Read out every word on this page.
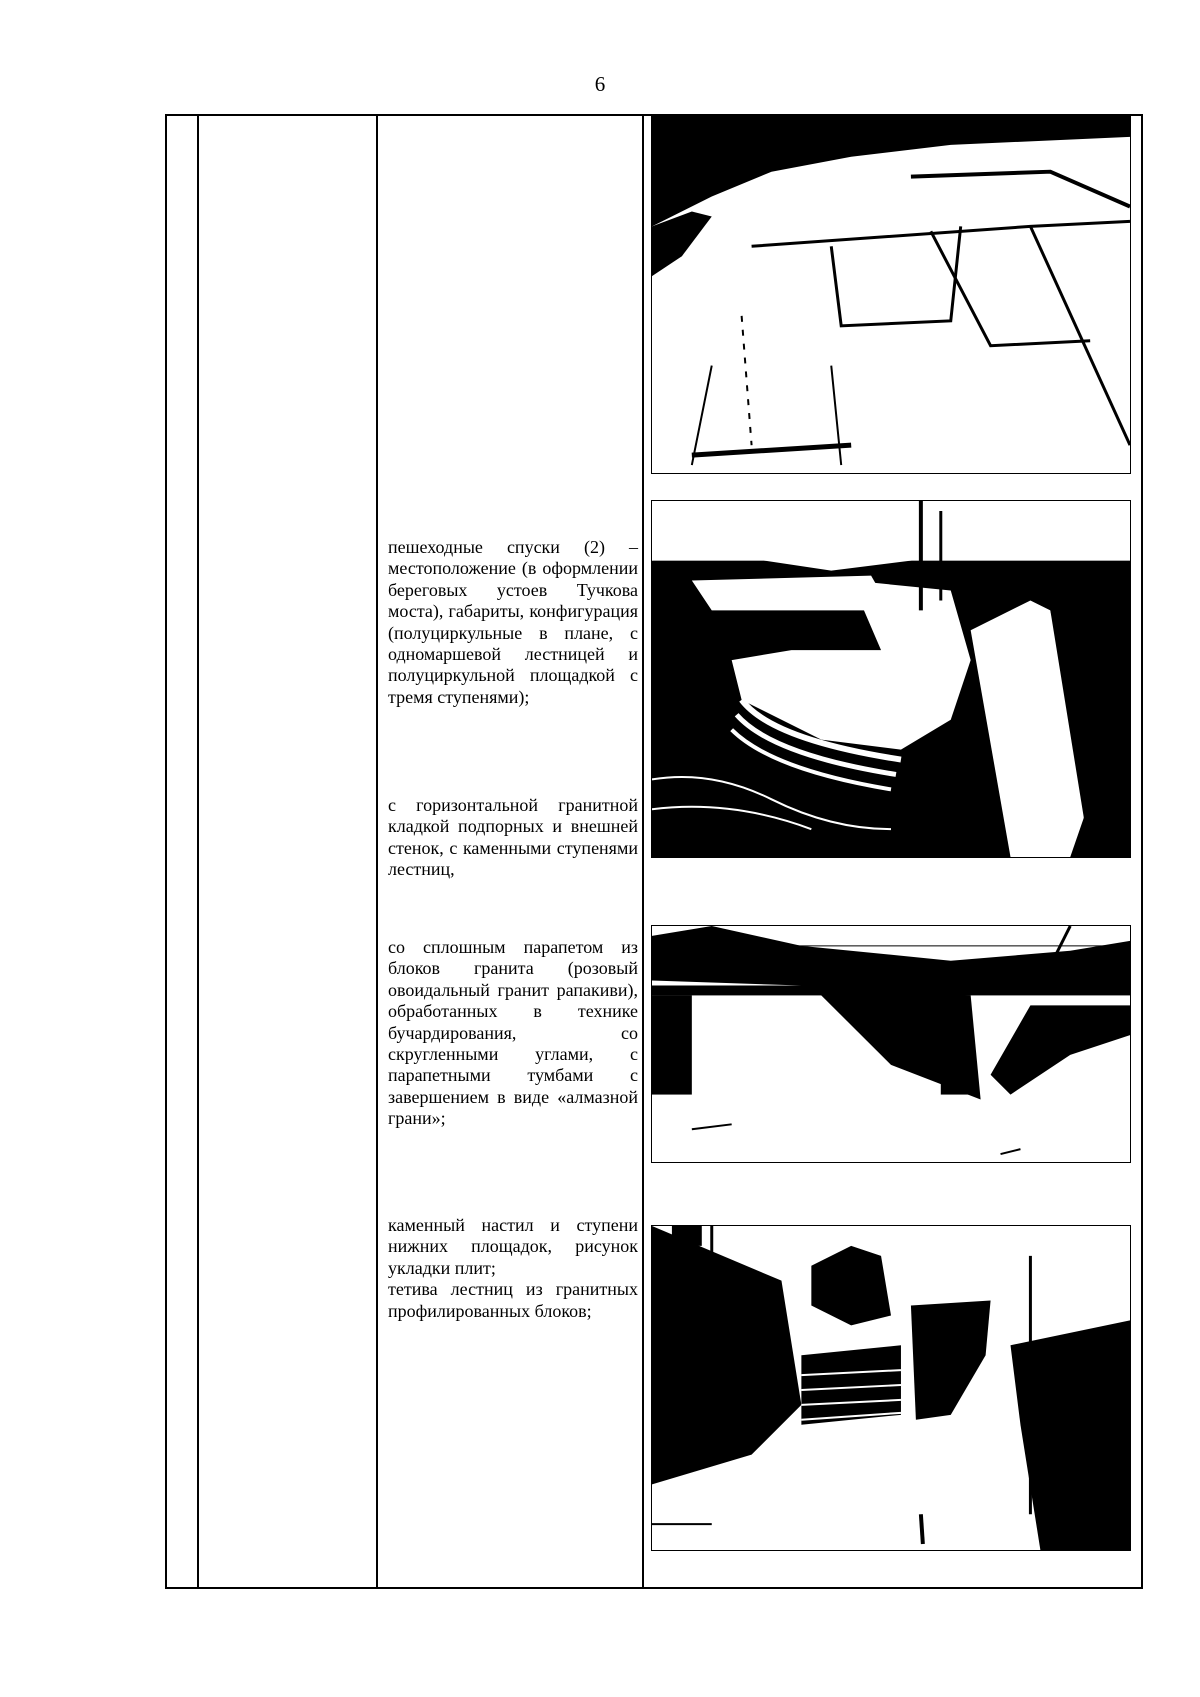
6

пешеходные спуски (2) – местоположение (в оформлении береговых устоев Тучкова моста), габариты, конфигурация (полуциркульные в плане, с одномаршевой лестницей и полуциркульной площадкой с тремя ступенями);

с горизонтальной гранитной кладкой подпорных и внешней стенок, с каменными ступенями лестниц,

со сплошным парапетом из блоков гранита (розовый овоидальный гранит рапакиви), обработанных в технике бучардирования, со скругленными углами, с парапетными тумбами с завершением в виде «алмазной грани»;

каменный настил и ступени нижних площадок, рисунок укладки плит;

тетива лестниц из гранитных профилированных блоков;
